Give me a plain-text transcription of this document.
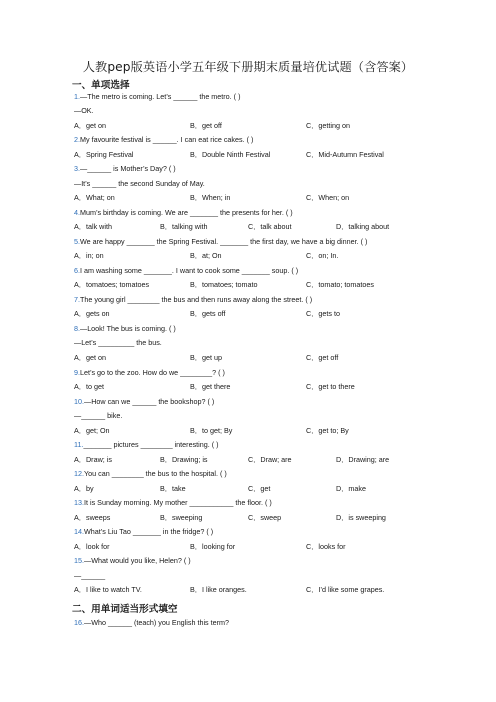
人教pep版英语小学五年级下册期末质量培优试题（含答案）
一、单项选择
1.—The metro is coming. Let’s ______ the metro. ( )
—OK.
A．get on	B．get off	C．getting on
2.My favourite festival is ______. I can eat rice cakes. ( )
A．Spring Festival	B．Double Ninth Festival	C．Mid-Autumn Festival
3.—______ is Mother’s Day? ( )
—It’s ______ the second Sunday of May.
A．What; on	B．When; in	C．When; on
4.Mum’s birthday is coming. We are _______ the presents for her. ( )
A．talk with	B．talking with	C．talk about	D．talking about
5.We are happy _______ the Spring Festival. _______ the first day, we have a big dinner. ( )
A．in; on	B．at; On	C．on; In.
6.I am washing some _______. I want to cook some _______ soup. ( )
A．tomatoes; tomatoes	B．tomatoes; tomato	C．tomato; tomatoes
7.The young girl ________ the bus and then runs away along the street. ( )
A．gets on	B．gets off	C．gets to
8.—Look! The bus is coming. ( )
—Let’s _________ the bus.
A．get on	B．get up	C．get off
9.Let’s go to the zoo. How do we ________? ( )
A．to get	B．get there	C．get to there
10.—How can we ______ the bookshop? ( )
—______ bike.
A．get; On	B．to get; By	C．get to; By
11._______ pictures ________ interesting. ( )
A．Draw; is	B．Drawing; is	C．Draw; are	D．Drawing; are
12.You can ________ the bus to the hospital. ( )
A．by	B．take	C．get	D．make
13.It is Sunday morning. My mother ___________ the floor. ( )
A．sweeps	B．sweeping	C．sweep	D．is sweeping
14.What’s Liu Tao _______ in the fridge? ( )
A．look for	B．looking for	C．looks for
15.—What would you like, Helen? ( )
—______
A．I like to watch TV.	B．I like oranges.	C．I’d like some grapes.
二、用单词适当形式填空
16.—Who ______ (teach) you English this term?
